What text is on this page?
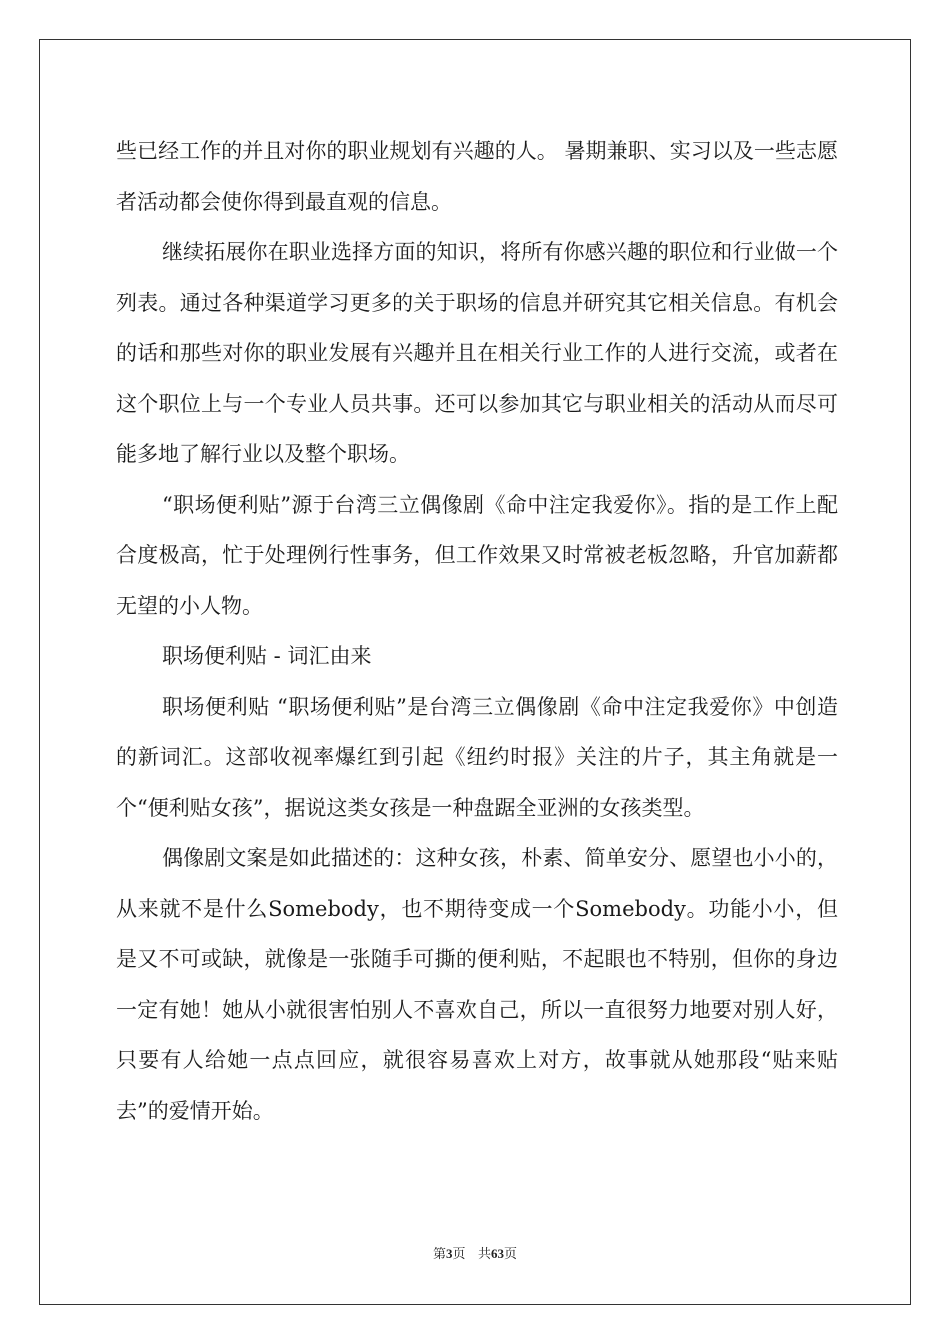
些已经工作的并且对你的职业规划有兴趣的人。 暑期兼职、实习以及一些志愿者活动都会使你得到最直观的信息。

继续拓展你在职业选择方面的知识，将所有你感兴趣的职位和行业做一个列表。通过各种渠道学习更多的关于职场的信息并研究其它相关信息。有机会的话和那些对你的职业发展有兴趣并且在相关行业工作的人进行交流，或者在这个职位上与一个专业人员共事。还可以参加其它与职业相关的活动从而尽可能多地了解行业以及整个职场。

“职场便利贴”源于台湾三立偶像剧《命中注定我爱你》。指的是工作上配合度极高，忙于处理例行性事务，但工作效果又时常被老板忽略，升官加薪都无望的小人物。

职场便利贴 - 词汇由来

职场便利贴 “职场便利贴”是台湾三立偶像剧《命中注定我爱你》中创造的新词汇。这部收视率爆红到引起《纽约时报》关注的片子，其主角就是一个“便利贴女孩”，据说这类女孩是一种盘踞全亚洲的女孩类型。

偶像剧文案是如此描述的：这种女孩，朴素、简单安分、愿望也小小的，从来就不是什么Somebody，也不期待变成一个Somebody。功能小小，但是又不可或缺，就像是一张随手可撕的便利贴，不起眼也不特别，但你的身边一定有她！她从小就很害怕别人不喜欢自己，所以一直很努力地要对别人好，只要有人给她一点点回应，就很容易喜欢上对方，故事就从她那段“贴来贴去”的爱情开始。

第3页 共63页
